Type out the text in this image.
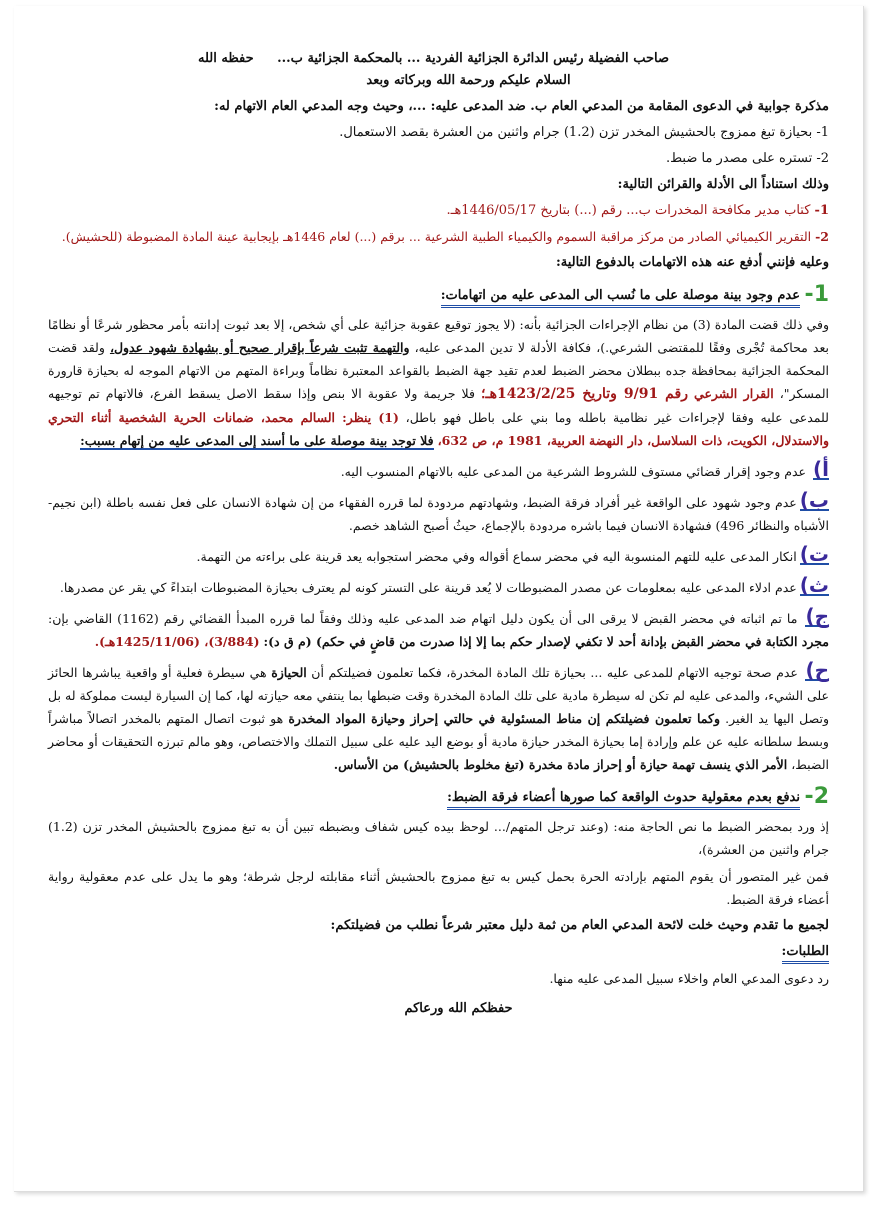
صاحب الفضيلة رئيس الدائرة الجزائية الفردية ... بالمحكمة الجزائية ب...
حفظه الله

السلام عليكم ورحمة الله وبركاته وبعد

مذكرة جوابية في الدعوى المقامة من المدعي العام ب. ضد المدعى عليه: ...، وحيث وجه المدعي العام الاتهام له:

1- بحيازة تبغ ممزوج بالحشيش المخدر تزن (1.2) جرام واثنين من العشرة بقصد الاستعمال.

2- تستره على مصدر ما ضبط.

وذلك استناداً الى الأدلة والقرائن التالية:

1- كتاب مدير مكافحة المخدرات ب... رقم (...) بتاريخ 1446/05/17هـ.

2- التقرير الكيميائي الصادر من مركز مراقبة السموم والكيمياء الطبية الشرعية ... برقم (...) لعام 1446هـ بإيجابية عينة المادة المضبوطة (للحشيش).

وعليه فإنني أدفع عنه هذه الاتهامات بالدفوع التالية:

1- عدم وجود بينة موصلة على ما نُسب الى المدعى عليه من اتهامات:

وفي ذلك قضت المادة (3) من نظام الإجراءات الجزائية بأنه: (لا يجوز توقيع عقوبة جزائية على أي شخص، إلا بعد ثبوت إدانته بأمر محظور شرعًا أو نظامًا بعد محاكمة تُجْرى وفقًا للمقتضى الشرعي.)، فكافة الأدلة لا تدين المدعى عليه، والتهمة تثبت شرعاً بإقرار صحيح أو بشهادة شهود عدول، ولقد قضت المحكمة الجزائية بمحافظة جده ببطلان محضر الضبط لعدم تقيد جهة الضبط بالقواعد المعتبرة نظاماً وبراءة المتهم من الاتهام الموجه له بحيازة قارورة المسكر"، القرار الشرعي رقم 9/91 وتاريخ 1423/2/25هـ؛ فلا جريمة ولا عقوبة الا بنص وإذا سقط الاصل يسقط الفرع، فالاتهام تم توجيهه للمدعى عليه وفقا لإجراءات غير نظامية باطله وما بني على باطل فهو باطل، (1) ينظر: السالم محمد، ضمانات الحرية الشخصية أثناء التحري والاستدلال، الكويت، ذات السلاسل، دار النهضة العربية، 1981 م، ص 632، فلا توجد بينة موصلة على ما أسند إلى المدعى عليه من إتهام بسبب:

أ) عدم وجود إقرار قضائي مستوف للشروط الشرعية من المدعى عليه بالاتهام المنسوب اليه.

ب)عدم وجود شهود على الواقعة غير أفراد فرقة الضبط، وشهادتهم مردودة لما قرره الفقهاء من إن شهادة الانسان على فعل نفسه باطلة (ابن نجيم- الأشباه والنظائر 496) فشهادة الانسان فيما باشره مردودة بالإجماع، حيثُ أصبح الشاهد خصم.

ت)انكار المدعى عليه للتهم المنسوبة اليه في محضر سماع أقواله وفي محضر استجوابه يعد قرينة على براءته من التهمة.

ث)عدم ادلاء المدعى عليه بمعلومات عن مصدر المضبوطات لا يُعد قرينة على التستر كونه لم يعترف بحيازة المضبوطات ابتداءً كي يقر عن مصدرها.

ج) ما تم اثباته في محضر القبض لا يرقى الى أن يكون دليل اتهام ضد المدعى عليه وذلك وفقاً لما قرره المبدأ القضائي رقم (1162) القاضي بإن: مجرد الكتابة في محضر القبض بإدانة أحد لا تكفي لإصدار حكم بما إلا إذا صدرت من قاضٍ في حكم) (م ق د): (3/884)، (1425/11/06هـ).

ح) عدم صحة توجيه الاتهام للمدعى عليه ... بحيازة تلك المادة المخدرة، فكما تعلمون فضيلتكم أن الحيازة هي سيطرة فعلية أو واقعية يباشرها الحائز على الشيء، والمدعى عليه لم تكن له سيطرة مادية على تلك المادة المخدرة وقت ضبطها بما ينتفي معه حيازته لها، كما إن السيارة ليست مملوكة له بل وتصل اليها يد الغير. وكما تعلمون فضيلتكم إن مناط المسئولية في حالتي إحراز وحيازة المواد المخدرة هو ثبوت اتصال المتهم بالمخدر اتصالاً مباشراً وبسط سلطانه عليه عن علم وإرادة إما بحيازة المخدر حيازة مادية أو بوضع اليد عليه على سبيل التملك والاختصاص، وهو مالم تبرزه التحقيقات أو محاضر الضبط، الأمر الذي ينسف تهمة حيازة أو إحراز مادة مخدرة (تبغ مخلوط بالحشيش) من الأساس.

2- ندفع بعدم معقولية حدوث الواقعة كما صورها أعضاء فرقة الضبط:

إذ ورد بمحضر الضبط ما نص الحاجة منه: (وعند ترجل المتهم/... لوحظ بيده كيس شفاف وبضبطه تبين أن به تبغ ممزوج بالحشيش المخدر تزن (1.2) جرام واثنين من العشرة)،

فمن غير المتصور أن يقوم المتهم بإرادته الحرة بحمل كيس به تبغ ممزوج بالحشيش أثناء مقابلته لرجل شرطة؛ وهو ما يدل على عدم معقولية رواية أعضاء فرقة الضبط.

لجميع ما تقدم وحيث خلت لائحة المدعي العام من ثمة دليل معتبر شرعاً نطلب من فضيلتكم:

الطلبات:

رد دعوى المدعي العام واخلاء سبيل المدعى عليه منها.

حفظكم الله ورعاكم
